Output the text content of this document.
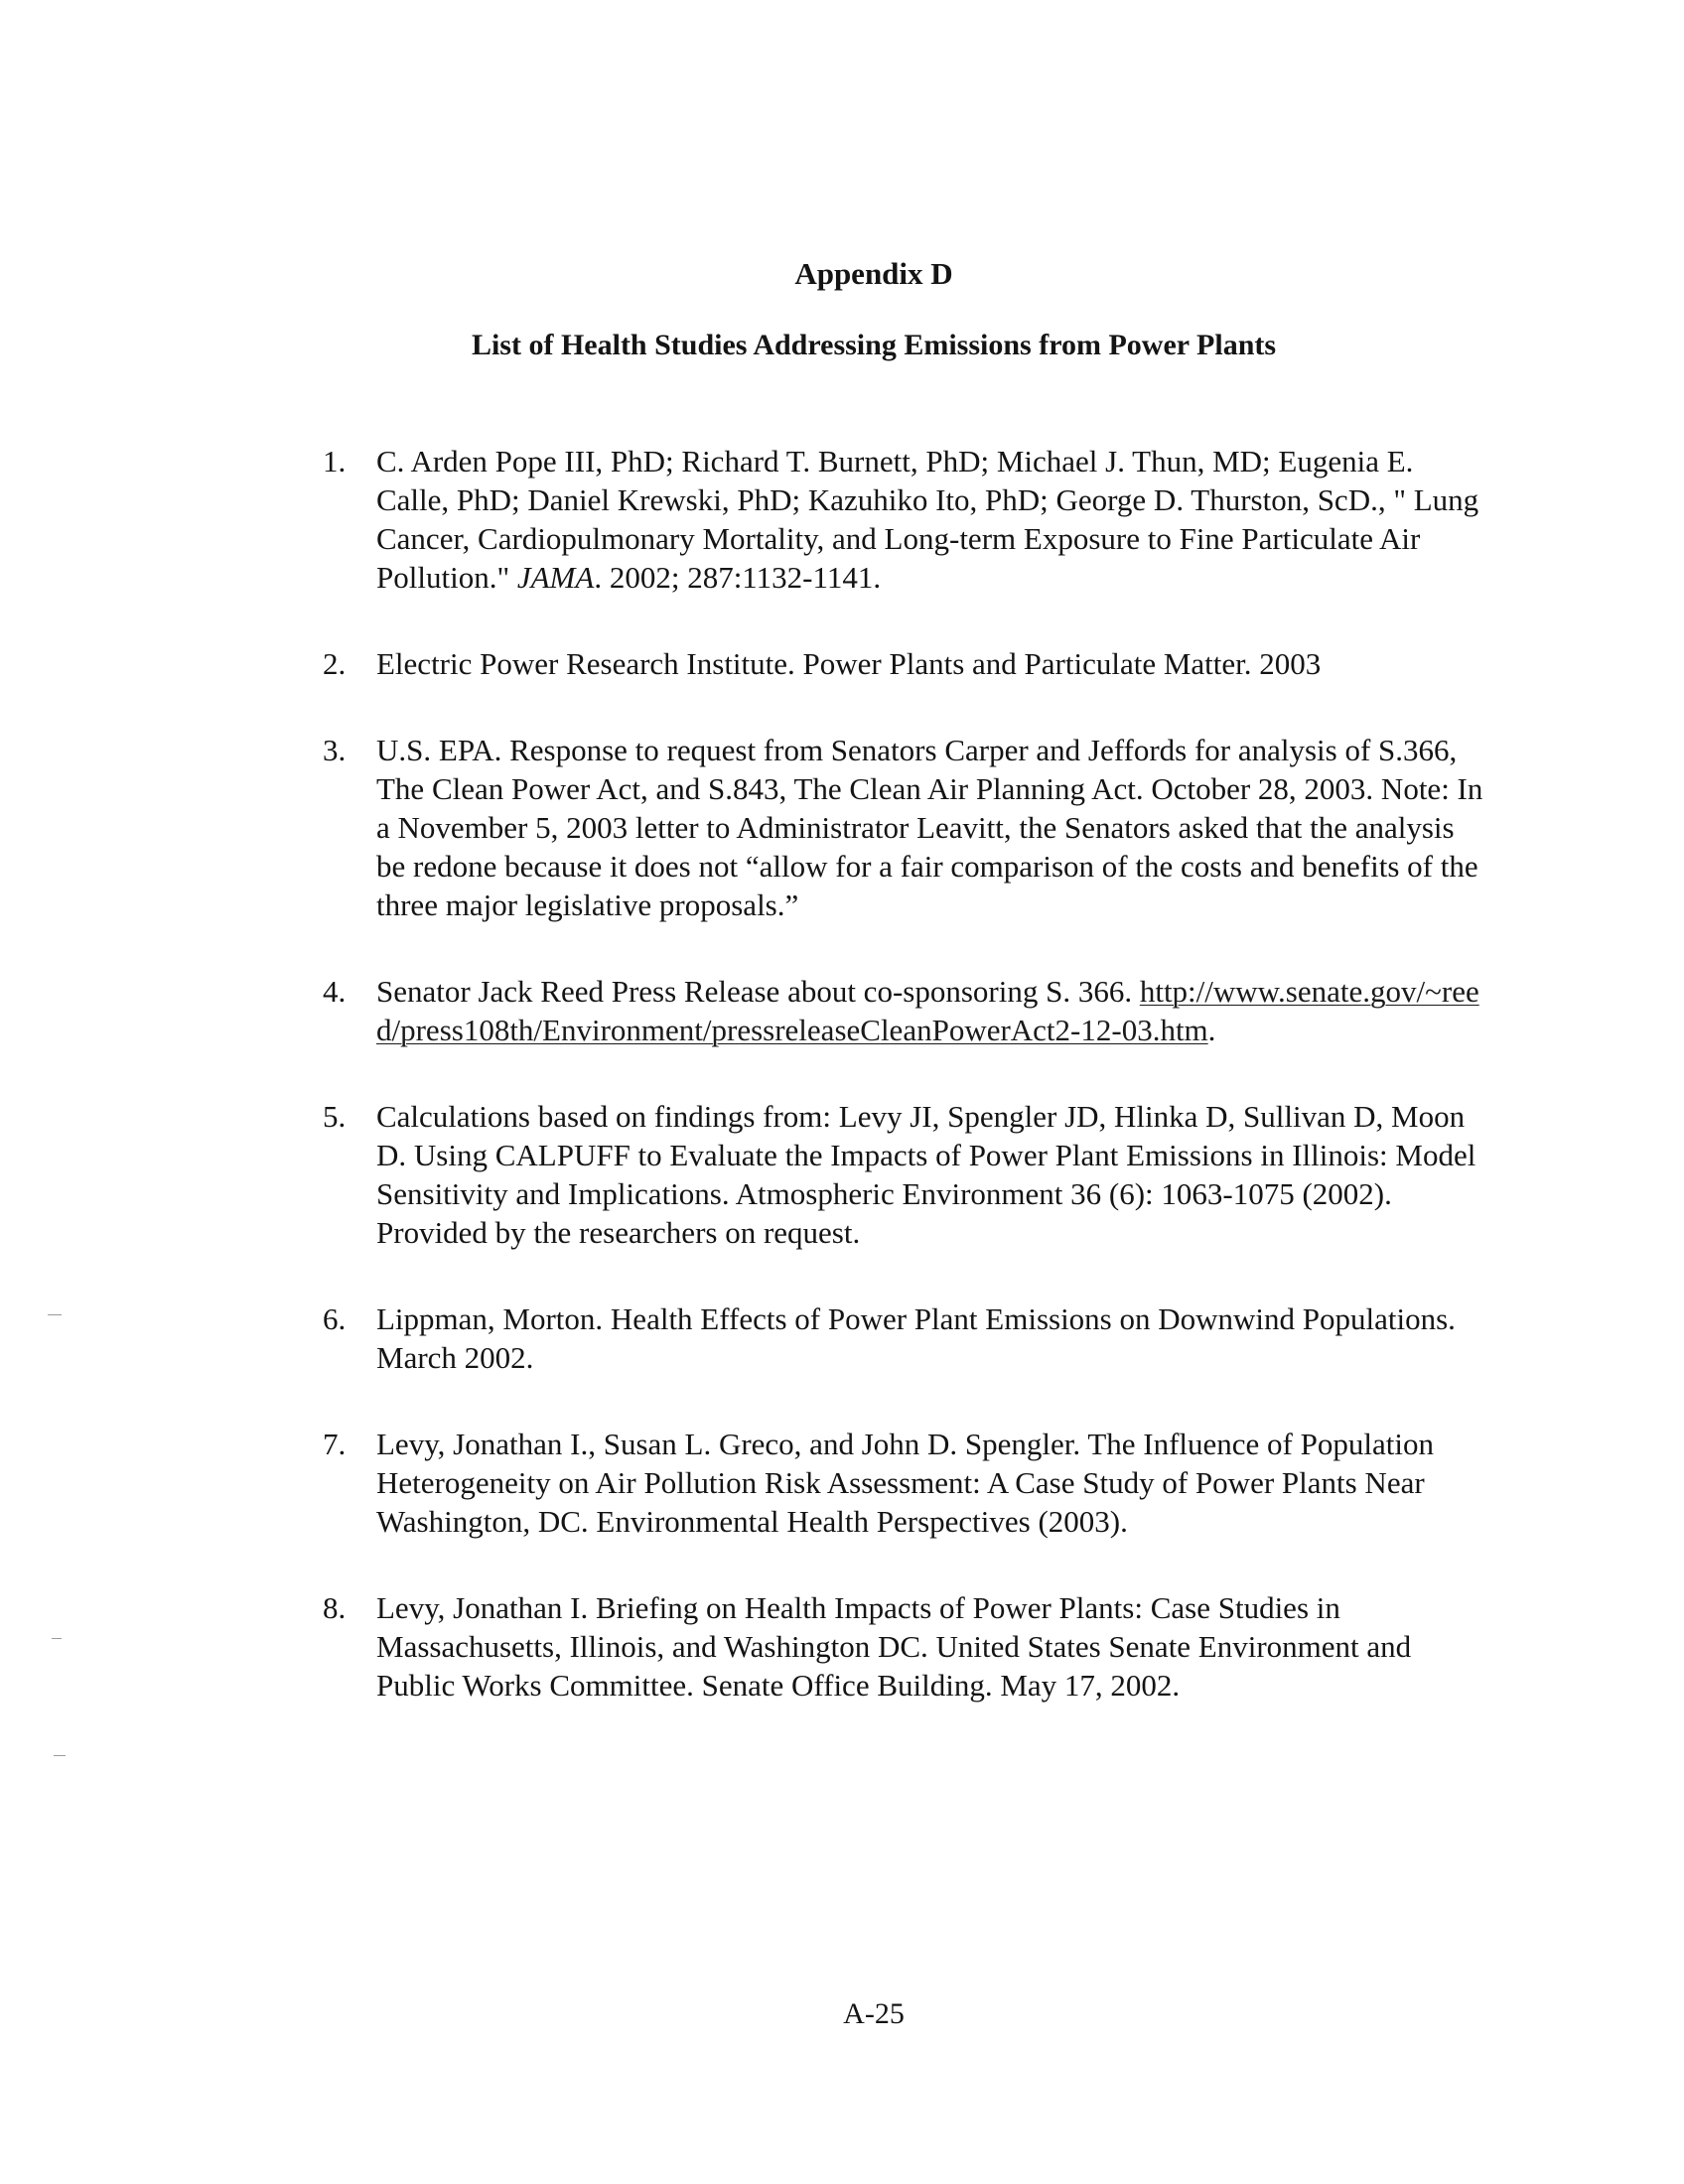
Appendix D
List of Health Studies Addressing Emissions from Power Plants
1. C. Arden Pope III, PhD; Richard T. Burnett, PhD; Michael J. Thun, MD; Eugenia E. Calle, PhD; Daniel Krewski, PhD; Kazuhiko Ito, PhD; George D. Thurston, ScD., " Lung Cancer, Cardiopulmonary Mortality, and Long-term Exposure to Fine Particulate Air Pollution." JAMA. 2002; 287:1132-1141.
2. Electric Power Research Institute. Power Plants and Particulate Matter. 2003
3. U.S. EPA. Response to request from Senators Carper and Jeffords for analysis of S.366, The Clean Power Act, and S.843, The Clean Air Planning Act. October 28, 2003. Note: In a November 5, 2003 letter to Administrator Leavitt, the Senators asked that the analysis be redone because it does not “allow for a fair comparison of the costs and benefits of the three major legislative proposals.”
4. Senator Jack Reed Press Release about co-sponsoring S. 366. http://www.senate.gov/~reed/press108th/Environment/pressreleaseCleanPowerAct2-12-03.htm.
5. Calculations based on findings from: Levy JI, Spengler JD, Hlinka D, Sullivan D, Moon D. Using CALPUFF to Evaluate the Impacts of Power Plant Emissions in Illinois: Model Sensitivity and Implications. Atmospheric Environment 36 (6): 1063-1075 (2002). Provided by the researchers on request.
6. Lippman, Morton. Health Effects of Power Plant Emissions on Downwind Populations. March 2002.
7. Levy, Jonathan I., Susan L. Greco, and John D. Spengler. The Influence of Population Heterogeneity on Air Pollution Risk Assessment: A Case Study of Power Plants Near Washington, DC. Environmental Health Perspectives (2003).
8. Levy, Jonathan I. Briefing on Health Impacts of Power Plants: Case Studies in Massachusetts, Illinois, and Washington DC. United States Senate Environment and Public Works Committee. Senate Office Building. May 17, 2002.
A-25
